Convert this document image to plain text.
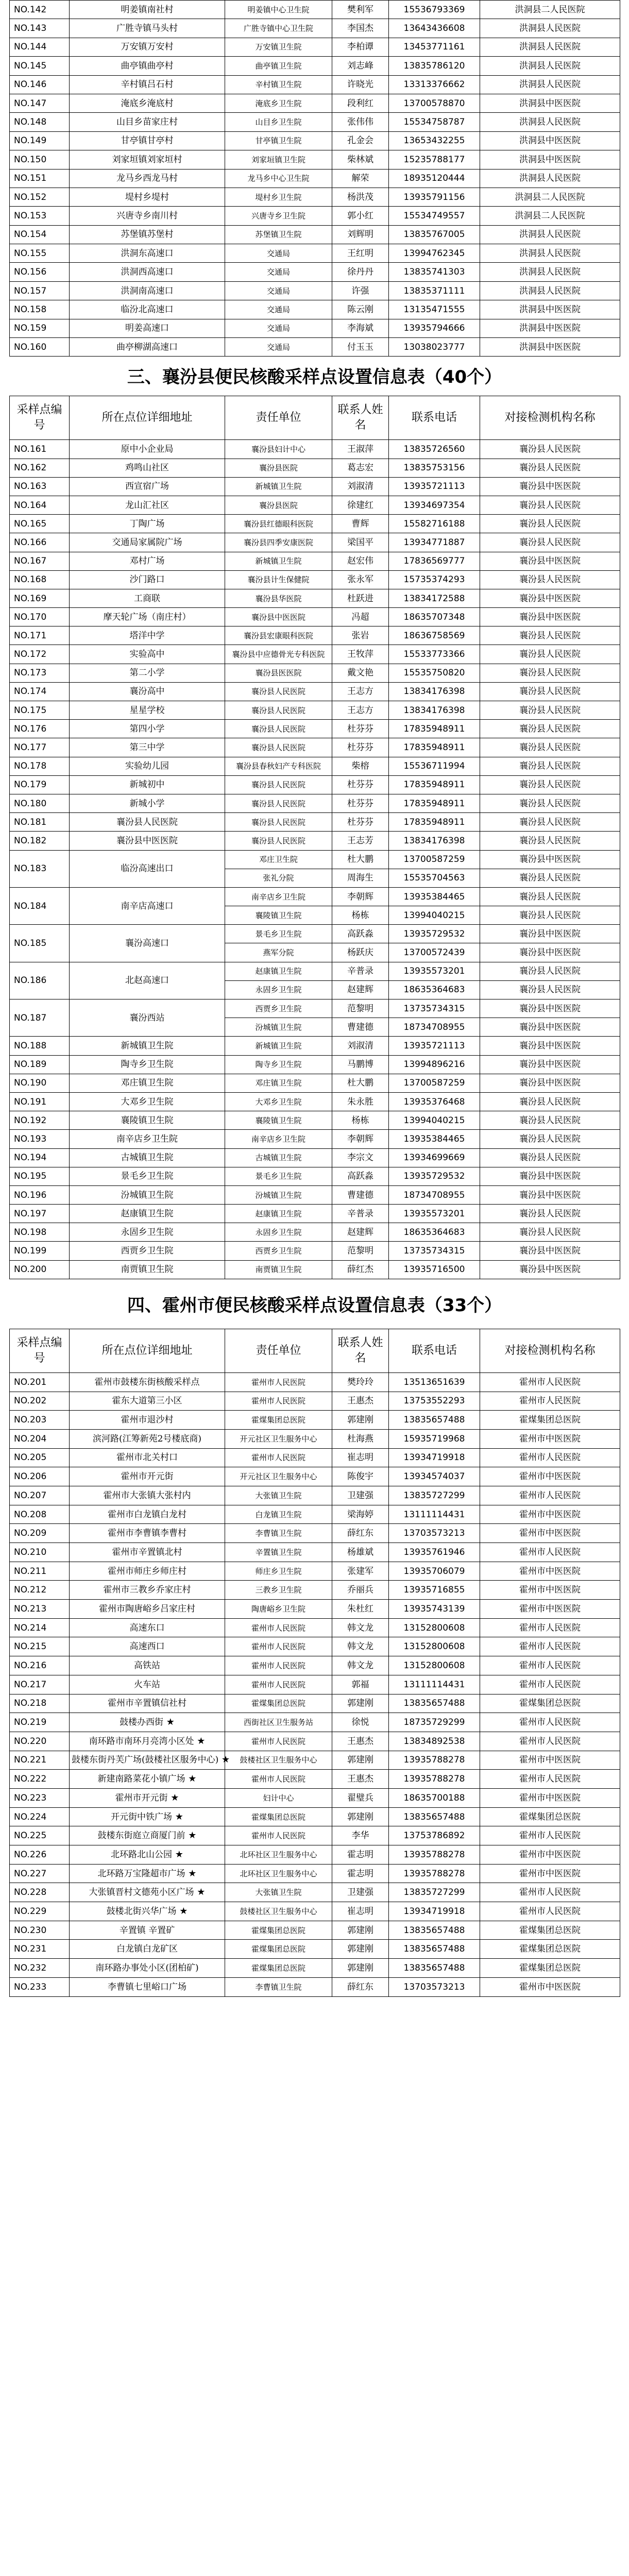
NO.142	明姜镇南社村	明姜镇中心卫生院	樊利军	15536793369	洪洞县二人民医院
NO.143	广胜寺镇马头村	广胜寺镇中心卫生院	李国杰	13643436608	洪洞县人民医院
NO.144	万安镇万安村	万安镇卫生院	李柏谭	13453771161	洪洞县人民医院
NO.145	曲亭镇曲亭村	曲亭镇卫生院	刘志峰	13835786120	洪洞县人民医院
NO.146	辛村镇吕石村	辛村镇卫生院	许晓光	13313376662	洪洞县人民医院
NO.147	淹底乡淹底村	淹底乡卫生院	段利红	13700578870	洪洞县中医医院
NO.148	山目乡苗家庄村	山目乡卫生院	张伟伟	15534758787	洪洞县人民医院
NO.149	甘亭镇甘亭村	甘亭镇卫生院	孔金会	13653432255	洪洞县中医医院
NO.150	刘家垣镇刘家垣村	刘家垣镇卫生院	柴林斌	15235788177	洪洞县中医医院
NO.151	龙马乡西龙马村	龙马乡中心卫生院	解荣	18935120444	洪洞县人民医院
NO.152	堤村乡堤村	堤村乡卫生院	杨洪茂	13935791156	洪洞县二人民医院
NO.153	兴唐寺乡南川村	兴唐寺乡卫生院	郭小红	15534749557	洪洞县二人民医院
NO.154	苏堡镇苏堡村	苏堡镇卫生院	刘辉明	13835767005	洪洞县人民医院
NO.155	洪洞东高速口	交通局	王红明	13994762345	洪洞县人民医院
NO.156	洪洞西高速口	交通局	徐丹丹	13835741303	洪洞县人民医院
NO.157	洪洞南高速口	交通局	许强	13835371111	洪洞县人民医院
NO.158	临汾北高速口	交通局	陈云刚	13135471555	洪洞县中医医院
NO.159	明姜高速口	交通局	李海斌	13935794666	洪洞县中医医院
NO.160	曲亭柳湖高速口	交通局	付玉玉	13038023777	洪洞县中医医院
三、襄汾县便民核酸采样点设置信息表（40个）
采样点编号	所在点位详细地址	责任单位	联系人姓名	联系电话	对接检测机构名称
NO.161	原中小企业局	襄汾县妇计中心	王淑萍	13835726560	襄汾县人民医院
NO.162	鸡鸣山社区	襄汾县医院	葛志宏	13835753156	襄汾县人民医院
NO.163	西宣宿广场	新城镇卫生院	刘淑清	13935721113	襄汾县中医医院
NO.164	龙山汇社区	襄汾县医院	徐建红	13934697354	襄汾县人民医院
NO.165	丁陶广场	襄汾县红德眼科医院	曹辉	15582716188	襄汾县人民医院
NO.166	交通局家属院广场	襄汾县四季安康医院	梁国平	13934771887	襄汾县人民医院
NO.167	邓村广场	新城镇卫生院	赵宏伟	17836569777	襄汾县中医医院
NO.168	沙门路口	襄汾县计生保健院	张永军	15735374293	襄汾县人民医院
NO.169	工商联	襄汾县华医院	杜跃进	13834172588	襄汾县中医医院
NO.170	摩天轮广场（南庄村）	襄汾县中医医院	冯超	18635707348	襄汾县中医医院
NO.171	塔洋中学	襄汾县宏康眼科医院	张岩	18636758569	襄汾县人民医院
NO.172	实验高中	襄汾县中应德骨光专科医院	王牧萍	15533773366	襄汾县人民医院
NO.173	第二小学	襄汾县医医院	戴文艳	15535750820	襄汾县人民医院
NO.174	襄汾高中	襄汾县人民医院	王志方	13834176398	襄汾县人民医院
NO.175	星星学校	襄汾县人民医院	王志方	13834176398	襄汾县人民医院
NO.176	第四小学	襄汾县人民医院	杜芬芬	17835948911	襄汾县人民医院
NO.177	第三中学	襄汾县人民医院	杜芬芬	17835948911	襄汾县人民医院
NO.178	实验幼儿园	襄汾县春秋妇产专科医院	柴榕	15536711994	襄汾县人民医院
NO.179	新城初中	襄汾县人民医院	杜芬芬	17835948911	襄汾县人民医院
NO.180	新城小学	襄汾县人民医院	杜芬芬	17835948911	襄汾县人民医院
NO.181	襄汾县人民医院	襄汾县人民医院	杜芬芬	17835948911	襄汾县人民医院
NO.182	襄汾县中医医院	襄汾县人民医院	王志芳	13834176398	襄汾县人民医院
NO.183	临汾高速出口	邓庄卫生院	杜大鹏	13700587259	襄汾县中医医院
		张礼分院	周海生	15535704563	襄汾县人民医院
NO.184	南辛店高速口	南辛店乡卫生院	李朝辉	13935384465	襄汾县人民医院
		襄陵镇卫生院	杨栋	13994040215	襄汾县人民医院
NO.185	襄汾高速口	景毛乡卫生院	高跃淼	13935729532	襄汾县中医医院
		燕军分院	杨跃庆	13700572439	襄汾县中医医院
NO.186	北赵高速口	赵康镇卫生院	辛普录	13935573201	襄汾县人民医院
		永固乡卫生院	赵建辉	18635364683	襄汾县人民医院
NO.187	襄汾西站	西贾乡卫生院	范黎明	13735734315	襄汾县中医医院
		汾城镇卫生院	曹建德	18734708955	襄汾县中医医院
NO.188	新城镇卫生院	新城镇卫生院	刘淑清	13935721113	襄汾县中医医院
NO.189	陶寺乡卫生院	陶寺乡卫生院	马鹏博	13994896216	襄汾县中医医院
NO.190	邓庄镇卫生院	邓庄镇卫生院	杜大鹏	13700587259	襄汾县中医医院
NO.191	大邓乡卫生院	大邓乡卫生院	朱永胜	13935376468	襄汾县人民医院
NO.192	襄陵镇卫生院	襄陵镇卫生院	杨栋	13994040215	襄汾县人民医院
NO.193	南辛店乡卫生院	南辛店乡卫生院	李朝辉	13935384465	襄汾县人民医院
NO.194	古城镇卫生院	古城镇卫生院	李宗文	13934699669	襄汾县人民医院
NO.195	景毛乡卫生院	景毛乡卫生院	高跃淼	13935729532	襄汾县中医医院
NO.196	汾城镇卫生院	汾城镇卫生院	曹建德	18734708955	襄汾县中医医院
NO.197	赵康镇卫生院	赵康镇卫生院	辛普录	13935573201	襄汾县人民医院
NO.198	永固乡卫生院	永固乡卫生院	赵建辉	18635364683	襄汾县人民医院
NO.199	西贾乡卫生院	西贾乡卫生院	范黎明	13735734315	襄汾县中医医院
NO.200	南贾镇卫生院	南贾镇卫生院	薛红杰	13935716500	襄汾县中医医院
四、霍州市便民核酸采样点设置信息表（33个）
采样点编号	所在点位详细地址	责任单位	联系人姓名	联系电话	对接检测机构名称
NO.201	霍州市鼓楼东街核酸采样点	霍州市人民医院	樊玲玲	13513651639	霍州市人民医院
NO.202	霍东大道第三小区	霍州市人民医院	王惠杰	13753552293	霍州市人民医院
NO.203	霍州市退沙村	霍煤集团总医院	郭建刚	13835657488	霍煤集团总医院
NO.204	滨河路(江筹新苑2号楼底商)	开元社区卫生服务中心	杜海燕	15935719968	霍州市中医医院
NO.205	霍州市北关村口	霍州市人民医院	崔志明	13934719918	霍州市人民医院
NO.206	霍州市开元街	开元社区卫生服务中心	陈俊宇	13934574037	霍州市中医医院
NO.207	霍州市大张镇大张村内	大张镇卫生院	卫建强	13835727299	霍州市人民医院
NO.208	霍州市白龙镇白龙村	白龙镇卫生院	梁海婷	13111114431	霍州市中医医院
NO.209	霍州市李曹镇李曹村	李曹镇卫生院	薛红东	13703573213	霍州市中医医院
NO.210	霍州市辛置镇北村	辛置镇卫生院	杨雄斌	13935761946	霍州市人民医院
NO.211	霍州市师庄乡师庄村	师庄乡卫生院	张建军	13935706079	霍州市中医医院
NO.212	霍州市三教乡乔家庄村	三教乡卫生院	乔丽兵	13935716855	霍州市中医医院
NO.213	霍州市陶唐峪乡吕家庄村	陶唐峪乡卫生院	朱杜红	13935743139	霍州市中医医院
NO.214	高速东口	霍州市人民医院	韩文龙	13152800608	霍州市人民医院
NO.215	高速西口	霍州市人民医院	韩文龙	13152800608	霍州市人民医院
NO.216	高铁站	霍州市人民医院	韩文龙	13152800608	霍州市人民医院
NO.217	火车站	霍州市人民医院	郭福	13111114431	霍州市人民医院
NO.218	霍州市辛置镇信社村	霍煤集团总医院	郭建刚	13835657488	霍煤集团总医院
NO.219	鼓楼办西街 ★	西街社区卫生服务站	徐悦	18735729299	霍州市人民医院
NO.220	南环路市南环月亮湾小区处 ★	霍州市人民医院	王惠杰	13834892538	霍州市人民医院
NO.221	鼓楼东街丹芙广场(鼓楼社区服务中心) ★	鼓楼社区卫生服务中心	郭建刚	13935788278	霍州市中医医院
NO.222	新建南路菜花小镇广场 ★	霍州市人民医院	王惠杰	13935788278	霍州市人民医院
NO.223	霍州市开元街 ★	妇计中心	翟璧兵	18635700188	霍州市中医医院
NO.224	开元街中铁广场 ★	霍煤集团总医院	郭建刚	13835657488	霍煤集团总医院
NO.225	鼓楼东街庭立商厦门前 ★	霍州市人民医院	李华	13753786892	霍州市人民医院
NO.226	北环路北山公园 ★	北环社区卫生服务中心	霍志明	13935788278	霍州市中医医院
NO.227	北环路万宝隆超市广场 ★	北环社区卫生服务中心	霍志明	13935788278	霍州市中医医院
NO.228	大张镇晋村文德苑小区广场 ★	大张镇卫生院	卫建强	13835727299	霍州市人民医院
NO.229	鼓楼北街兴华广场 ★	鼓楼社区卫生服务中心	崔志明	13934719918	霍州市人民医院
NO.230	辛置镇 辛置矿	霍煤集团总医院	郭建刚	13835657488	霍煤集团总医院
NO.231	白龙镇白龙矿区	霍煤集团总医院	郭建刚	13835657488	霍煤集团总医院
NO.232	南环路办事处小区(团柏矿)	霍煤集团总医院	郭建刚	13835657488	霍煤集团总医院
NO.233	李曹镇七里峪口广场	李曹镇卫生院	薛红东	13703573213	霍州市中医医院
